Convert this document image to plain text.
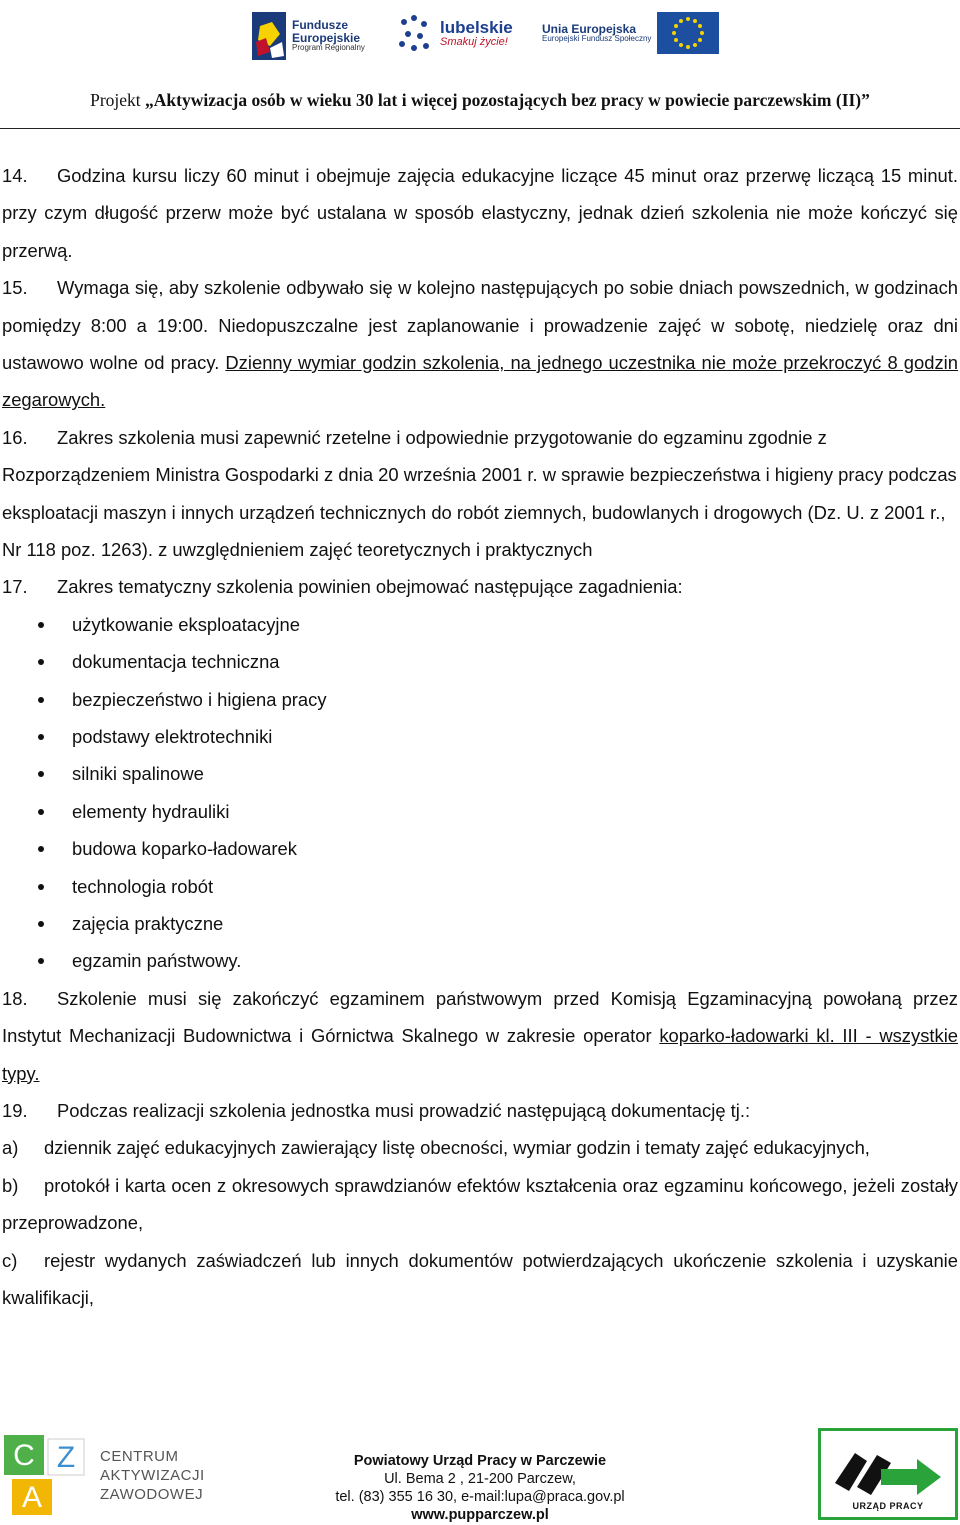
Fundusze
Europejskie
Program Regionalny
lubelskie
Smakuj życie!
Unia Europejska
Europejski Fundusz Społeczny
Projekt „Aktywizacja osób w wieku 30 lat i więcej pozostających bez pracy w powiecie parczewskim (II)”

14. Godzina kursu liczy 60 minut i obejmuje zajęcia edukacyjne liczące 45 minut oraz przerwę liczącą 15 minut. przy czym długość przerw może być ustalana w sposób elastyczny, jednak dzień szkolenia nie może kończyć się przerwą.

15. Wymaga się, aby szkolenie odbywało się w kolejno następujących po sobie dniach powszednich, w godzinach pomiędzy 8:00 a 19:00. Niedopuszczalne jest zaplanowanie i prowadzenie zajęć w sobotę, niedzielę oraz dni ustawowo wolne od pracy. Dzienny wymiar godzin szkolenia, na jednego uczestnika nie może przekroczyć 8 godzin zegarowych.

16. Zakres szkolenia musi zapewnić rzetelne i odpowiednie przygotowanie do egzaminu zgodnie z Rozporządzeniem Ministra Gospodarki z dnia 20 września 2001 r. w sprawie bezpieczeństwa i higieny pracy podczas eksploatacji maszyn i innych urządzeń technicznych do robót ziemnych, budowlanych i drogowych (Dz. U. z 2001 r., Nr 118 poz. 1263). z uwzględnieniem zajęć teoretycznych i praktycznych

17. Zakres tematyczny szkolenia powinien obejmować następujące zagadnienia:

użytkowanie eksploatacyjne
dokumentacja techniczna
bezpieczeństwo i higiena pracy
podstawy elektrotechniki
silniki spalinowe
elementy hydrauliki
budowa koparko-ładowarek
technologia robót
zajęcia praktyczne
egzamin państwowy.

18. Szkolenie musi się zakończyć egzaminem państwowym przed Komisją Egzaminacyjną powołaną przez Instytut Mechanizacji Budownictwa i Górnictwa Skalnego w zakresie operator koparko-ładowarki kl. III - wszystkie typy.

19. Podczas realizacji szkolenia jednostka musi prowadzić następującą dokumentację tj.:

a) dziennik zajęć edukacyjnych zawierający listę obecności, wymiar godzin i tematy zajęć edukacyjnych,

b) protokół i karta ocen z okresowych sprawdzianów efektów kształcenia oraz egzaminu końcowego, jeżeli zostały przeprowadzone,

c) rejestr wydanych zaświadczeń lub innych dokumentów potwierdzających ukończenie szkolenia i uzyskanie kwalifikacji,

C Z
A
CENTRUM
AKTYWIZACJI
ZAWODOWEJ
Powiatowy Urząd Pracy w Parczewie
Ul. Bema 2 , 21-200 Parczew,
tel. (83) 355 16 30, e-mail:lupa@praca.gov.pl
www.pupparczew.pl
URZĄD PRACY
